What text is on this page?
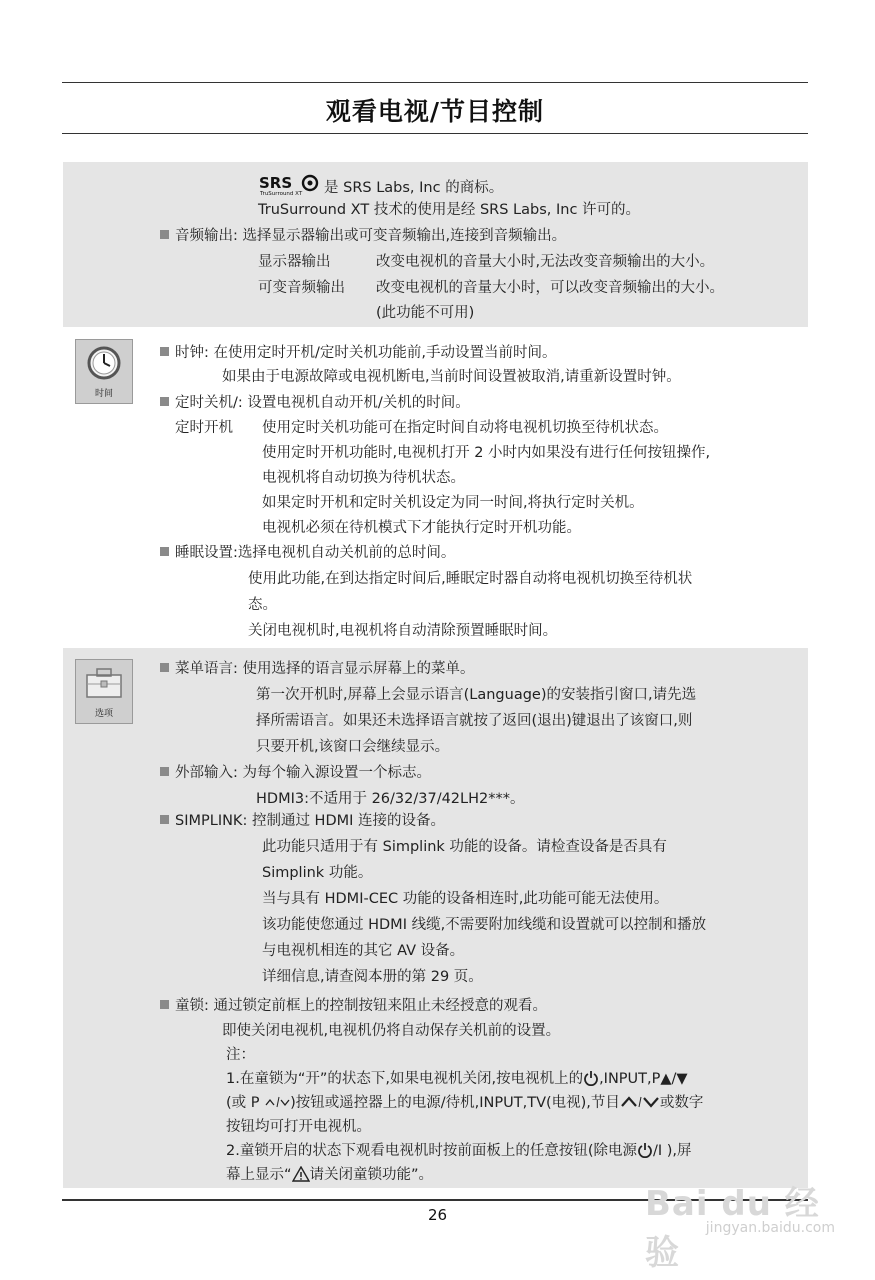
观看电视/节目控制
SRS
TruSurround XT 是 SRS Labs, Inc 的商标。
TruSurround XT 技术的使用是经 SRS Labs, Inc 许可的。
音频输出: 选择显示器输出或可变音频输出,连接到音频输出。
显示器输出	改变电视机的音量大小时,无法改变音频输出的大小。
可变音频输出 改变电视机的音量大小时，可以改变音频输出的大小。
(此功能不可用)
时间
时钟: 在使用定时开机/定时关机功能前,手动设置当前时间。
如果由于电源故障或电视机断电,当前时间设置被取消,请重新设置时钟。
定时关机/: 设置电视机自动开机/关机的时间。
定时开机 使用定时关机功能可在指定时间自动将电视机切换至待机状态。
使用定时开机功能时,电视机打开 2 小时内如果没有进行任何按钮操作,
电视机将自动切换为待机状态。
如果定时开机和定时关机设定为同一时间,将执行定时关机。
电视机必须在待机模式下才能执行定时开机功能。
睡眠设置:选择电视机自动关机前的总时间。
使用此功能,在到达指定时间后,睡眠定时器自动将电视机切换至待机状
态。
关闭电视机时,电视机将自动清除预置睡眠时间。
选项
菜单语言: 使用选择的语言显示屏幕上的菜单。
第一次开机时,屏幕上会显示语言(Language)的安装指引窗口,请先选
择所需语言。如果还未选择语言就按了返回(退出)键退出了该窗口,则
只要开机,该窗口会继续显示。
外部输入: 为每个输入源设置一个标志。
HDMI3:不适用于 26/32/37/42LH2***。
SIMPLINK: 控制通过 HDMI 连接的设备。
此功能只适用于有 Simplink 功能的设备。请检查设备是否具有
Simplink 功能。
当与具有 HDMI-CEC 功能的设备相连时,此功能可能无法使用。
该功能使您通过 HDMI 线缆,不需要附加线缆和设置就可以控制和播放
与电视机相连的其它 AV 设备。
详细信息,请查阅本册的第 29 页。
童锁: 通过锁定前框上的控制按钮来阻止未经授意的观看。
即使关闭电视机,电视机仍将自动保存关机前的设置。
注：
1.在童锁为“开”的状态下,如果电视机关闭,按电视机上的 ,INPUT,P▲/▼
(或 P )按钮或遥控器上的电源/待机,INPUT,TV(电视),节目	或数字
按钮均可打开电视机。
2.童锁开启的状态下观看电视机时按前面板上的任意按钮(除电源 /I ),屏
幕上显示“ 请关闭童锁功能”。
26	Bai du 经验
jingyan.baidu.com
